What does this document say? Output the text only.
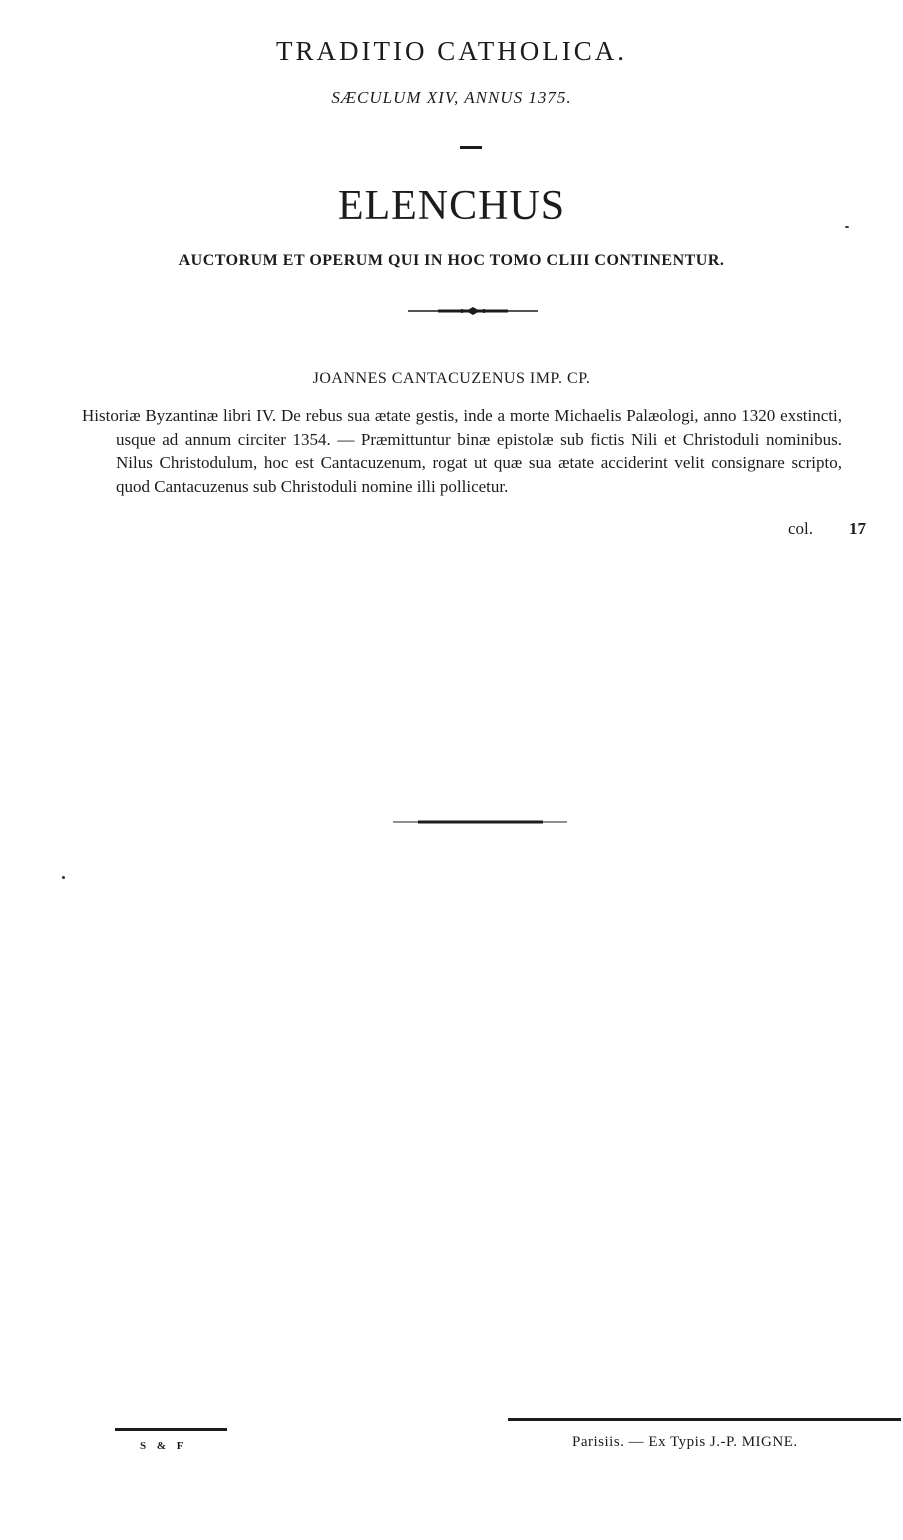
TRADITIO CATHOLICA.
SÆCULUM XIV, ANNUS 1375.
ELENCHUS
AUCTORUM ET OPERUM QUI IN HOC TOMO CLIII CONTINENTUR.
JOANNES CANTACUZENUS IMP. CP.
Historiæ Byzantinæ libri IV. De rebus sua ætate gestis, inde a morte Michaelis Palæologi, anno 1320 exstincti, usque ad annum circiter 1354. — Præmittuntur binæ epistolæ sub fictis Nili et Christoduli nominibus. Nilus Christodulum, hoc est Cantacuzenum, rogat ut quæ sua ætate acciderint velit consignare scripto, quod Cantacuzenus sub Christoduli nomine illi pollicetur.
col. 17
S & F	Parisiis. — Ex Typis J.-P. MIGNE.
